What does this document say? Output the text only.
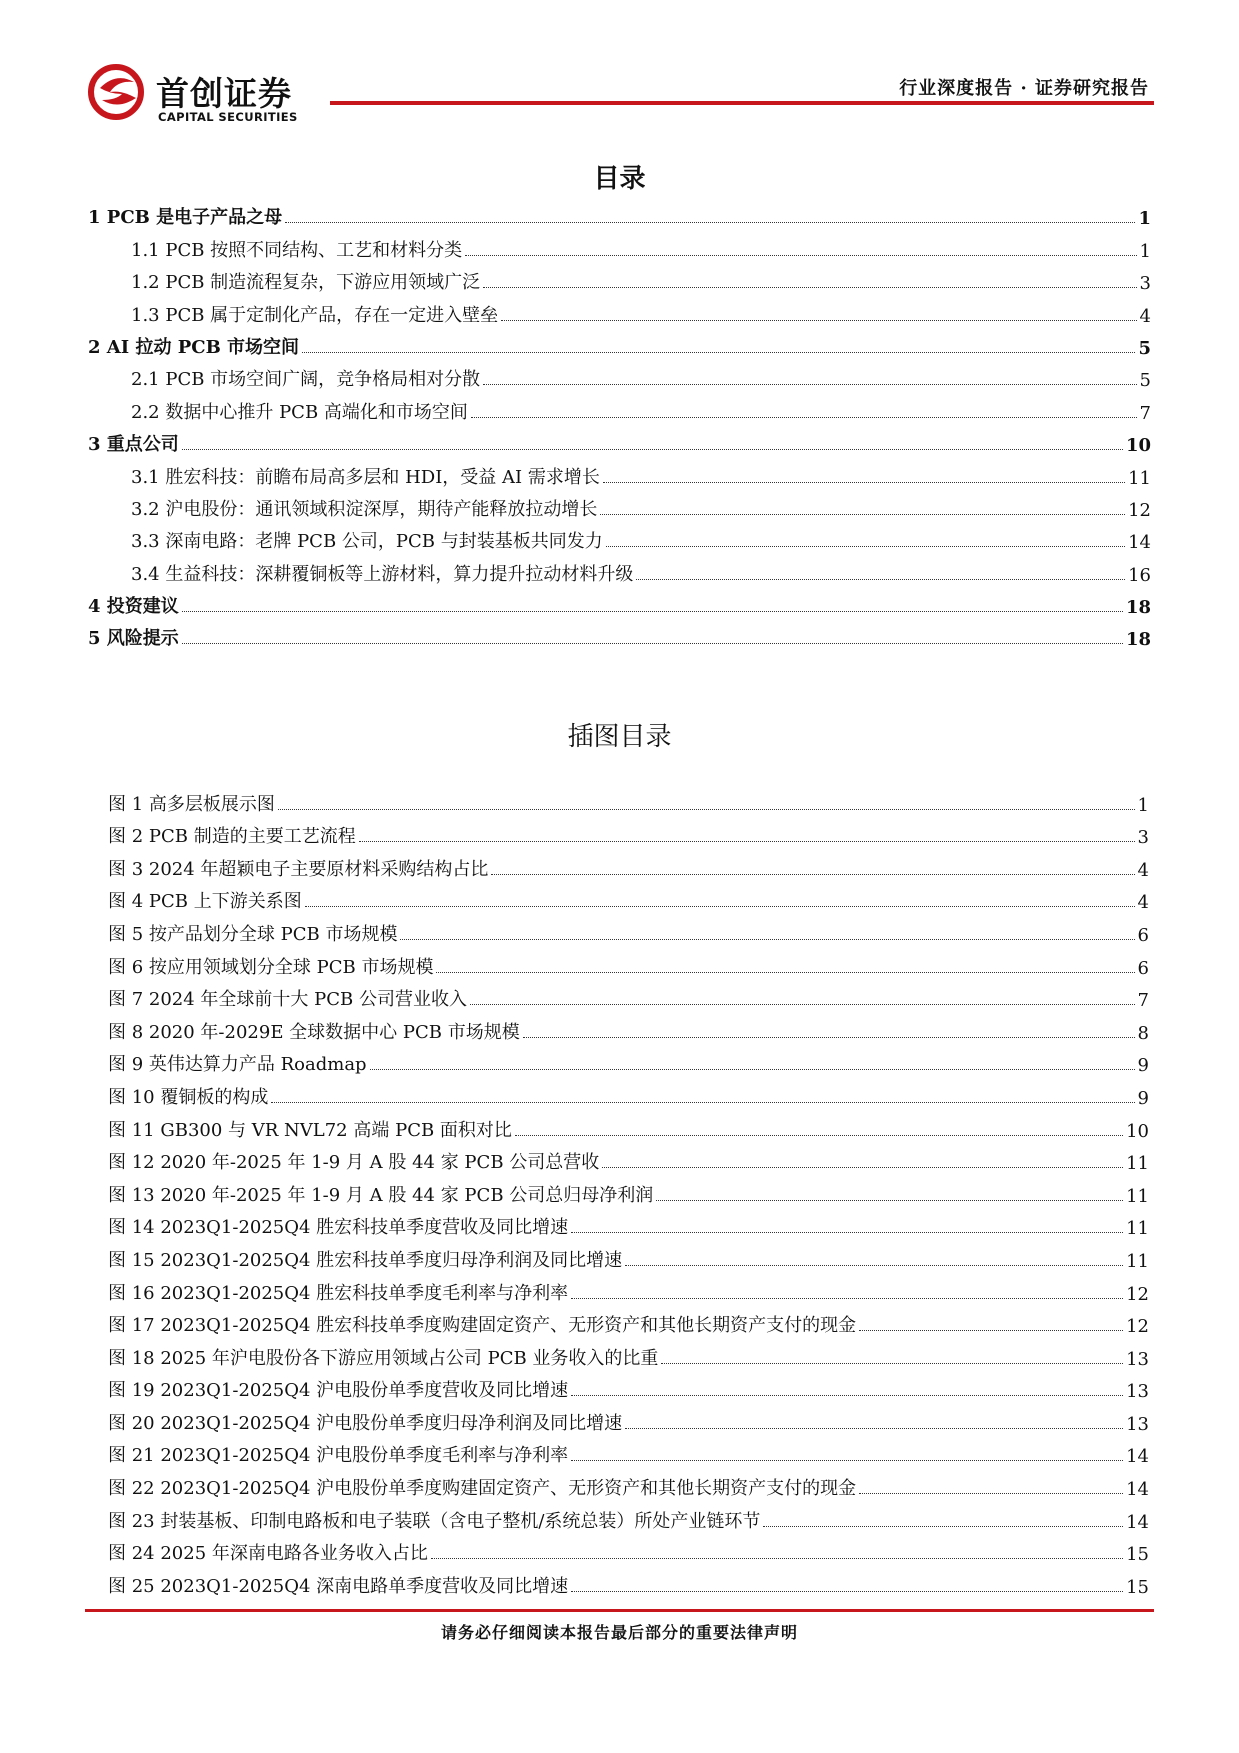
首创证券
CAPITAL SECURITIES
行业深度报告 · 证券研究报告
目录
1 PCB 是电子产品之母	1
1.1 PCB 按照不同结构、工艺和材料分类	1
1.2 PCB 制造流程复杂，下游应用领域广泛	3
1.3 PCB 属于定制化产品，存在一定进入壁垒	4
2 AI 拉动 PCB 市场空间	5
2.1 PCB 市场空间广阔，竞争格局相对分散	5
2.2 数据中心推升 PCB 高端化和市场空间	7
3 重点公司	10
3.1 胜宏科技：前瞻布局高多层和 HDI，受益 AI 需求增长	11
3.2 沪电股份：通讯领域积淀深厚，期待产能释放拉动增长	12
3.3 深南电路：老牌 PCB 公司，PCB 与封装基板共同发力	14
3.4 生益科技：深耕覆铜板等上游材料，算力提升拉动材料升级	16
4 投资建议	18
5 风险提示	18
插图目录
图 1 高多层板展示图	1
图 2 PCB 制造的主要工艺流程	3
图 3 2024 年超颖电子主要原材料采购结构占比	4
图 4 PCB 上下游关系图	4
图 5 按产品划分全球 PCB 市场规模	6
图 6 按应用领域划分全球 PCB 市场规模	6
图 7 2024 年全球前十大 PCB 公司营业收入	7
图 8 2020 年-2029E 全球数据中心 PCB 市场规模	8
图 9 英伟达算力产品 Roadmap	9
图 10 覆铜板的构成	9
图 11 GB300 与 VR NVL72 高端 PCB 面积对比	10
图 12 2020 年-2025 年 1-9 月 A 股 44 家 PCB 公司总营收	11
图 13 2020 年-2025 年 1-9 月 A 股 44 家 PCB 公司总归母净利润	11
图 14 2023Q1-2025Q4 胜宏科技单季度营收及同比增速	11
图 15 2023Q1-2025Q4 胜宏科技单季度归母净利润及同比增速	11
图 16 2023Q1-2025Q4 胜宏科技单季度毛利率与净利率	12
图 17 2023Q1-2025Q4 胜宏科技单季度购建固定资产、无形资产和其他长期资产支付的现金	12
图 18 2025 年沪电股份各下游应用领域占公司 PCB 业务收入的比重	13
图 19 2023Q1-2025Q4 沪电股份单季度营收及同比增速	13
图 20 2023Q1-2025Q4 沪电股份单季度归母净利润及同比增速	13
图 21 2023Q1-2025Q4 沪电股份单季度毛利率与净利率	14
图 22 2023Q1-2025Q4 沪电股份单季度购建固定资产、无形资产和其他长期资产支付的现金	14
图 23 封装基板、印制电路板和电子装联（含电子整机/系统总装）所处产业链环节	14
图 24 2025 年深南电路各业务收入占比	15
图 25 2023Q1-2025Q4 深南电路单季度营收及同比增速	15
请务必仔细阅读本报告最后部分的重要法律声明
